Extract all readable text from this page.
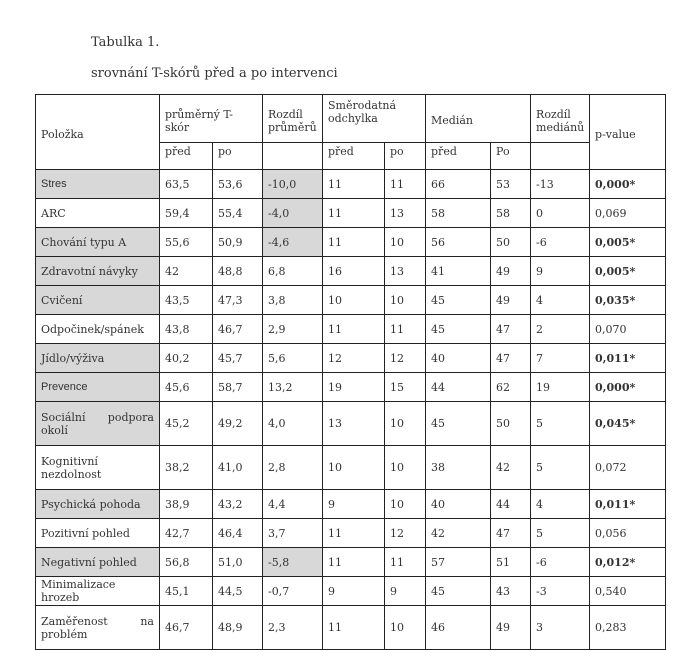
Tabulka 1.
srovnání T-skórů před a po intervenci
Položka	průměrný T-skór		Rozdíl průměrů	Směrodatná odchylka		Medián		Rozdíl mediánů	p-value
	před	po		před	po	před	Po		
Stres	63,5	53,6	-10,0	11	11	66	53	-13	0,000*
ARC	59,4	55,4	-4,0	11	13	58	58	0	0,069
Chování typu A	55,6	50,9	-4,6	11	10	56	50	-6	0,005*
Zdravotní návyky	42	48,8	6,8	16	13	41	49	9	0,005*
Cvičení	43,5	47,3	3,8	10	10	45	49	4	0,035*
Odpočinek/spánek	43,8	46,7	2,9	11	11	45	47	2	0,070
Jídlo/výživa	40,2	45,7	5,6	12	12	40	47	7	0,011*
Prevence	45,6	58,7	13,2	19	15	44	62	19	0,000*
Sociální podpora okolí	45,2	49,2	4,0	13	10	45	50	5	0,045*
Kognitivní nezdolnost	38,2	41,0	2,8	10	10	38	42	5	0,072
Psychická pohoda	38,9	43,2	4,4	9	10	40	44	4	0,011*
Pozitivní pohled	42,7	46,4	3,7	11	12	42	47	5	0,056
Negativní pohled	56,8	51,0	-5,8	11	11	57	51	-6	0,012*
Minimalizace hrozeb	45,1	44,5	-0,7	9	9	45	43	-3	0,540
Zaměřenost na problém	46,7	48,9	2,3	11	10	46	49	3	0,283
